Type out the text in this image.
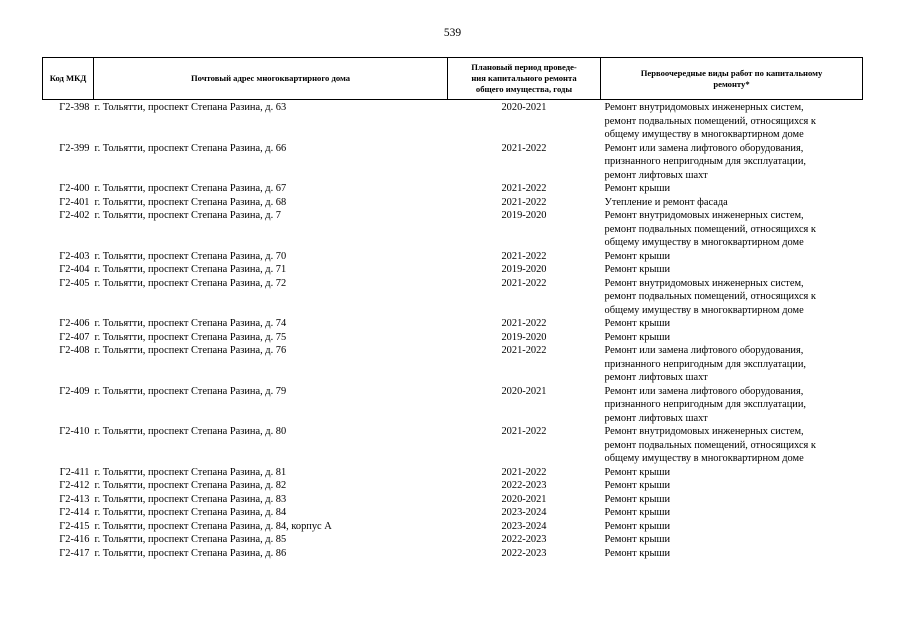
539
Код МКД	Почтовый адрес многоквартирного дома	Плановый период проведе-
ния капитального ремонта
общего имущества, годы	Первоочередные виды работ по капитальному
ремонту*

Г2-398	г. Тольятти, проспект Степана Разина, д. 63	2020-2021	Ремонт внутридомовых инженерных систем,
ремонт подвальных помещений, относящихся к
общему имуществу в многоквартирном доме

Г2-399	г. Тольятти, проспект Степана Разина, д. 66	2021-2022	Ремонт или замена лифтового оборудования,
признанного непригодным для эксплуатации,
ремонт лифтовых шахт

Г2-400	г. Тольятти, проспект Степана Разина, д. 67	2021-2022	Ремонт крыши

Г2-401	г. Тольятти, проспект Степана Разина, д. 68	2021-2022	Утепление и ремонт фасада

Г2-402	г. Тольятти, проспект Степана Разина, д. 7	2019-2020	Ремонт внутридомовых инженерных систем,
ремонт подвальных помещений, относящихся к
общему имуществу в многоквартирном доме

Г2-403	г. Тольятти, проспект Степана Разина, д. 70	2021-2022	Ремонт крыши

Г2-404	г. Тольятти, проспект Степана Разина, д. 71	2019-2020	Ремонт крыши

Г2-405	г. Тольятти, проспект Степана Разина, д. 72	2021-2022	Ремонт внутридомовых инженерных систем,
ремонт подвальных помещений, относящихся к
общему имуществу в многоквартирном доме

Г2-406	г. Тольятти, проспект Степана Разина, д. 74	2021-2022	Ремонт крыши

Г2-407	г. Тольятти, проспект Степана Разина, д. 75	2019-2020	Ремонт крыши

Г2-408	г. Тольятти, проспект Степана Разина, д. 76	2021-2022	Ремонт или замена лифтового оборудования,
признанного непригодным для эксплуатации,
ремонт лифтовых шахт

Г2-409	г. Тольятти, проспект Степана Разина, д. 79	2020-2021	Ремонт или замена лифтового оборудования,
признанного непригодным для эксплуатации,
ремонт лифтовых шахт

Г2-410	г. Тольятти, проспект Степана Разина, д. 80	2021-2022	Ремонт внутридомовых инженерных систем,
ремонт подвальных помещений, относящихся к
общему имуществу в многоквартирном доме

Г2-411	г. Тольятти, проспект Степана Разина, д. 81	2021-2022	Ремонт крыши

Г2-412	г. Тольятти, проспект Степана Разина, д. 82	2022-2023	Ремонт крыши

Г2-413	г. Тольятти, проспект Степана Разина, д. 83	2020-2021	Ремонт крыши

Г2-414	г. Тольятти, проспект Степана Разина, д. 84	2023-2024	Ремонт крыши

Г2-415	г. Тольятти, проспект Степана Разина, д. 84, корпус А	2023-2024	Ремонт крыши

Г2-416	г. Тольятти, проспект Степана Разина, д. 85	2022-2023	Ремонт крыши

Г2-417	г. Тольятти, проспект Степана Разина, д. 86	2022-2023	Ремонт крыши
